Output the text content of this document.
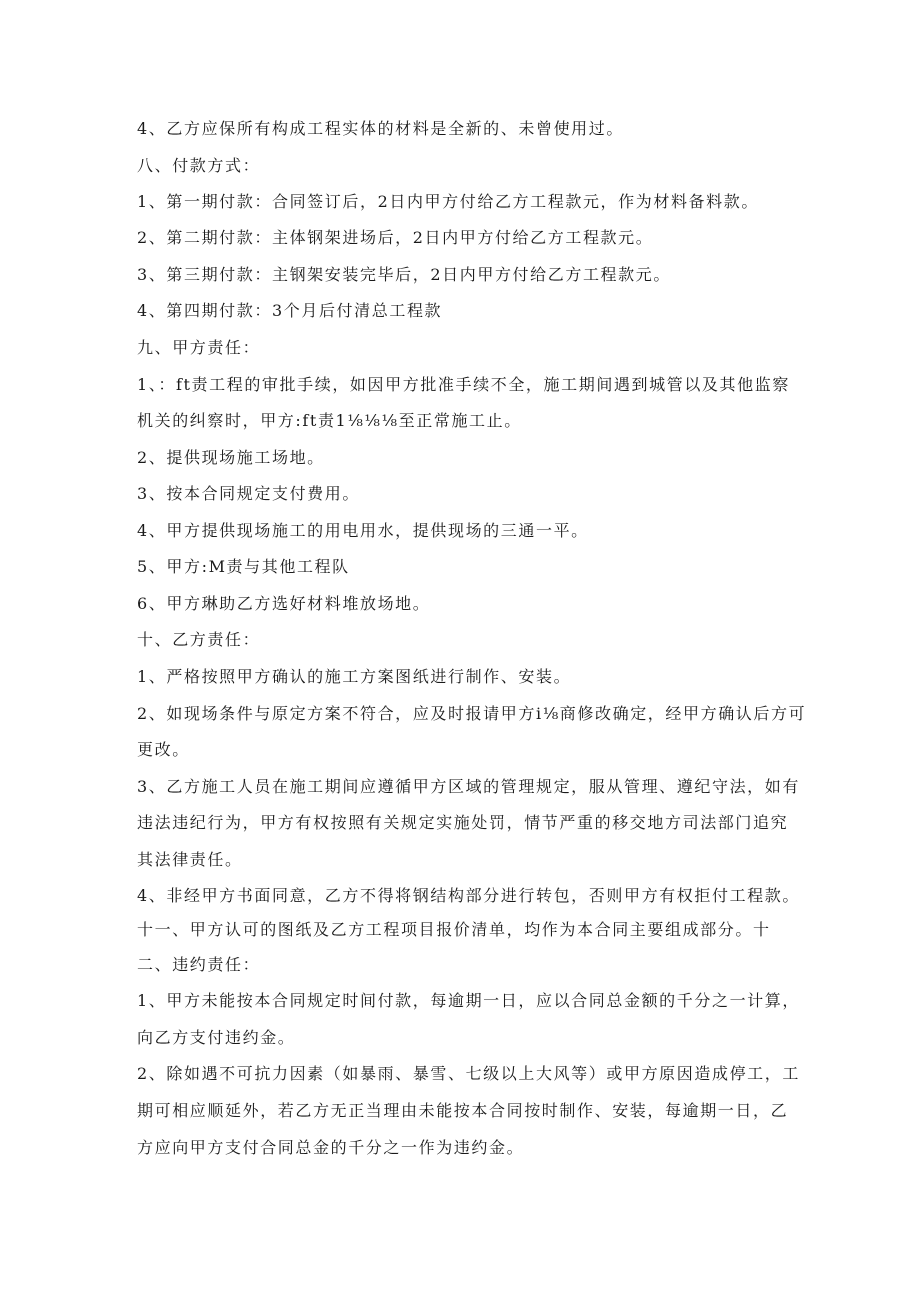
4、乙方应保所有构成工程实体的材料是全新的、未曾使用过。
八、付款方式：
1、第一期付款：合同签订后，2日内甲方付给乙方工程款元，作为材料备料款。
2、第二期付款：主体钢架进场后，2日内甲方付给乙方工程款元。
3、第三期付款：主钢架安装完毕后，2日内甲方付给乙方工程款元。
4、第四期付款：3个月后付清总工程款
九、甲方责任：
1、：ft责工程的审批手续，如因甲方批准手续不全，施工期间遇到城管以及其他监察
机关的纠察时，甲方:ft责1⅛⅛⅛至正常施工止。
2、提供现场施工场地。
3、按本合同规定支付费用。
4、甲方提供现场施工的用电用水，提供现场的三通一平。
5、甲方:M责与其他工程队
6、甲方琳助乙方选好材料堆放场地。
十、乙方责任：
1、严格按照甲方确认的施工方案图纸进行制作、安装。
2、如现场条件与原定方案不符合，应及时报请甲方i⅛商修改确定，经甲方确认后方可
更改。
3、乙方施工人员在施工期间应遵循甲方区域的管理规定，服从管理、遵纪守法，如有
违法违纪行为，甲方有权按照有关规定实施处罚，情节严重的移交地方司法部门追究
其法律责任。
4、非经甲方书面同意，乙方不得将钢结构部分进行转包，否则甲方有权拒付工程款。
十一、甲方认可的图纸及乙方工程项目报价清单，均作为本合同主要组成部分。十
二、违约责任：
1、甲方未能按本合同规定时间付款，每逾期一日，应以合同总金额的千分之一计算，
向乙方支付违约金。
2、除如遇不可抗力因素（如暴雨、暴雪、七级以上大风等）或甲方原因造成停工，工
期可相应顺延外，若乙方无正当理由未能按本合同按时制作、安装，每逾期一日，乙
方应向甲方支付合同总金的千分之一作为违约金。
